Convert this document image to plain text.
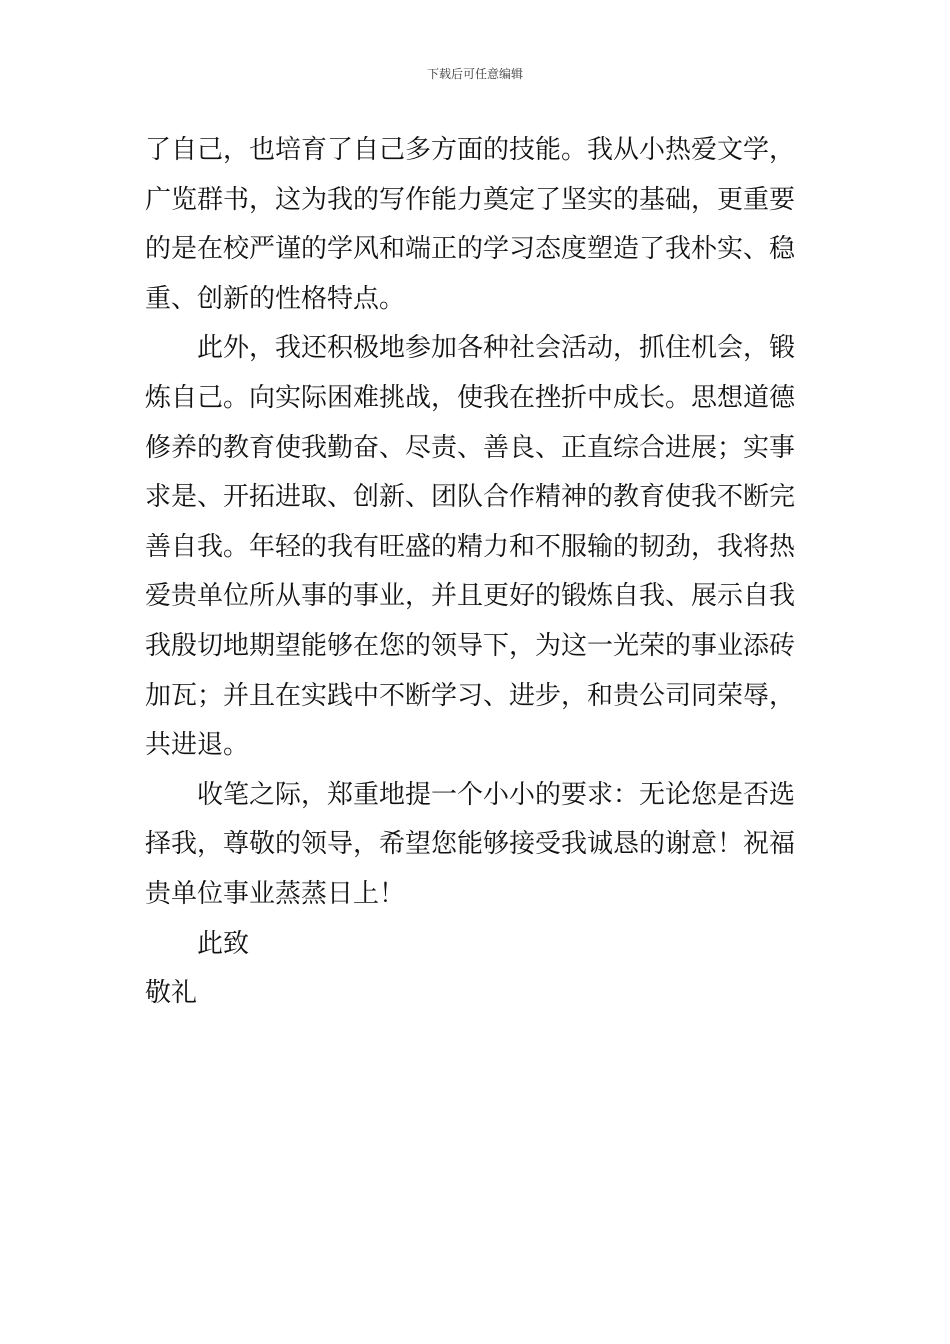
下载后可任意编辑
了自己，也培育了自己多方面的技能。我从小热爱文学，
广览群书，这为我的写作能力奠定了坚实的基础，更重要
的是在校严谨的学风和端正的学习态度塑造了我朴实、稳
重、创新的性格特点。
此外，我还积极地参加各种社会活动，抓住机会，锻
炼自己。向实际困难挑战，使我在挫折中成长。思想道德
修养的教育使我勤奋、尽责、善良、正直综合进展；实事
求是、开拓进取、创新、团队合作精神的教育使我不断完
善自我。年轻的我有旺盛的精力和不服输的韧劲，我将热
爱贵单位所从事的事业，并且更好的锻炼自我、展示自我
我殷切地期望能够在您的领导下，为这一光荣的事业添砖
加瓦；并且在实践中不断学习、进步，和贵公司同荣辱，
共进退。
收笔之际，郑重地提一个小小的要求：无论您是否选
择我，尊敬的领导，希望您能够接受我诚恳的谢意！祝福
贵单位事业蒸蒸日上！
此致
敬礼
